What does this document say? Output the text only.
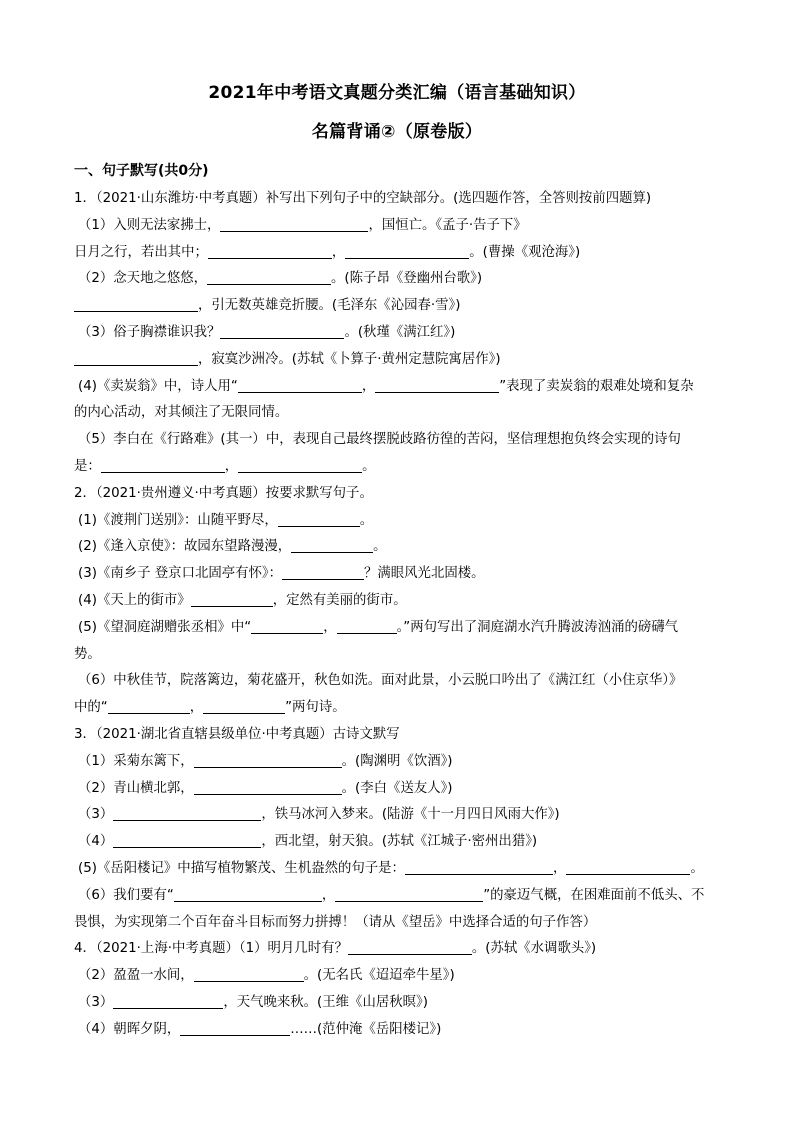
2021年中考语文真题分类汇编（语言基础知识）
名篇背诵②（原卷版）
一、句子默写(共0分)
1．（2021·山东潍坊·中考真题）补写出下列句子中的空缺部分。(选四题作答，全答则按前四题算)
（1）入则无法家拂士，	，国恒亡。《孟子·告子下》
日月之行，若出其中；	，	。(曹操《观沧海》)
（2）念天地之悠悠，	。(陈子昂《登幽州台歌》)
，引无数英雄竞折腰。(毛泽东《沁园春·雪》)
（3）俗子胸襟谁识我？	。(秋瑾《满江红》)
，寂寞沙洲冷。(苏轼《卜算子·黄州定慧院寓居作》)
(4)《卖炭翁》中，诗人用“	，	”表现了卖炭翁的艰难处境和复杂
的内心活动，对其倾注了无限同情。
（5）李白在《行路难》(其一）中，表现自己最终摆脱歧路彷徨的苦闷，坚信理想抱负终会实现的诗句
是：	，	。
2．（2021·贵州遵义·中考真题）按要求默写句子。
(1)《渡荆门送别》：山随平野尽，	。
(2)《逢入京使》：故园东望路漫漫，	。
(3)《南乡子 登京口北固亭有怀》：	？满眼风光北固楼。
(4)《天上的街市》	，定然有美丽的街市。
(5)《望洞庭湖赠张丞相》中“	，	。”两句写出了洞庭湖水汽升腾波涛汹涌的磅礴气
势。
（6）中秋佳节，院落篱边，菊花盛开，秋色如洗。面对此景，小云脱口吟出了《满江红（小住京华）》
中的“	，	”两句诗。
3．（2021·湖北省直辖县级单位·中考真题）古诗文默写
（1）采菊东篱下，	。(陶渊明《饮酒》)
（2）青山横北郭，	。(李白《送友人》)
（3）	，铁马冰河入梦来。(陆游《十一月四日风雨大作》)
（4）	，西北望，射天狼。(苏轼《江城子·密州出猎》)
(5)《岳阳楼记》中描写植物繁茂、生机盎然的句子是：	，	。
（6）我们要有“	，	”的豪迈气概，在困难面前不低头、不
畏惧，为实现第二个百年奋斗目标而努力拼搏！（请从《望岳》中选择合适的句子作答）
4．（2021·上海·中考真题）（1）明月几时有？	。(苏轼《水调歌头》)
（2）盈盈一水间，	。(无名氏《迢迢牵牛星》)
（3）	，天气晚来秋。(王维《山居秋暝》)
（4）朝晖夕阴，	……(范仲淹《岳阳楼记》)
